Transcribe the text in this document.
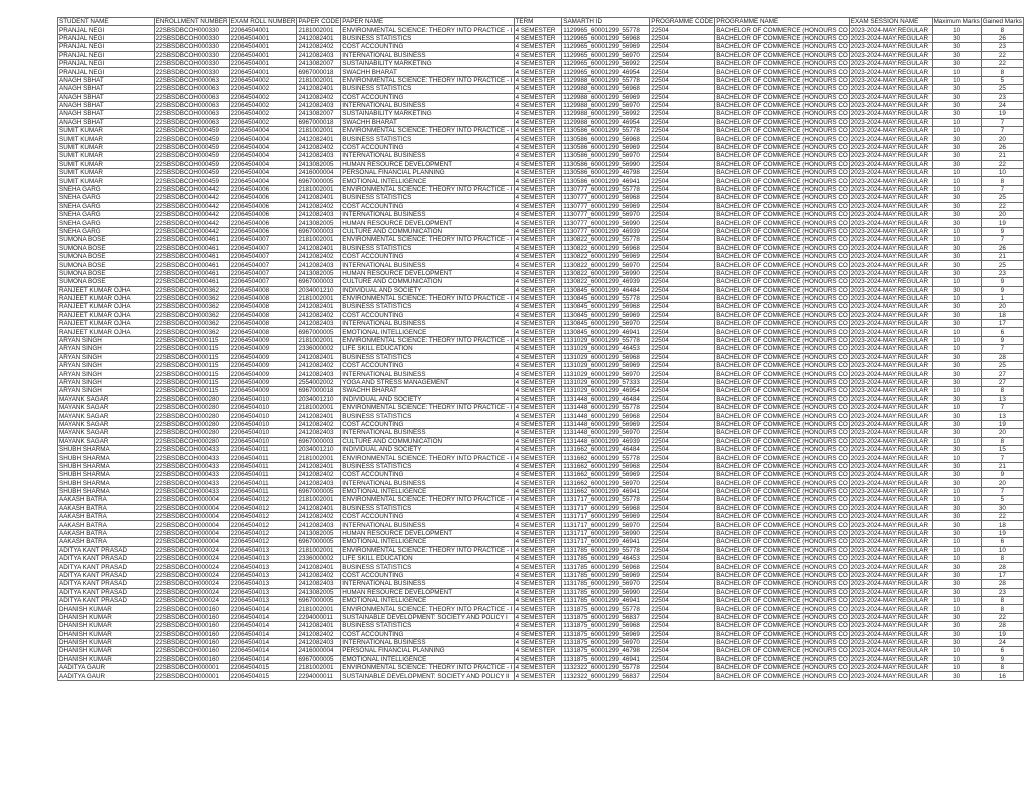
STUDENT NAME	ENROLLMENT NUMBER	EXAM ROLL NUMBER	PAPER CODE	PAPER NAME	TERM	SAMARTH ID	PROGRAMME CODE	PROGRAMME NAME	EXAM SESSION NAME	Maximum Marks	Gained Marks
PRANJAL NEGI	22SBSDBCOH000330	22064504001	2181002001	ENVIRONMENTAL SCIENCE: THEORY INTO PRACTICE - I	4 SEMESTER	1129965_60001299_55778	22504	BACHELOR OF COMMERCE (HONOURS CO	2023-2024-MAY:REGULAR	10	8
PRANJAL NEGI	22SBSDBCOH000330	22064504001	2412082401	BUSINESS STATISTICS	4 SEMESTER	1129965_60001299_56968	22504	BACHELOR OF COMMERCE (HONOURS CO	2023-2024-MAY:REGULAR	30	26
PRANJAL NEGI	22SBSDBCOH000330	22064504001	2412082402	COST ACCOUNTING	4 SEMESTER	1129965_60001299_56969	22504	BACHELOR OF COMMERCE (HONOURS CO	2023-2024-MAY:REGULAR	30	23
PRANJAL NEGI	22SBSDBCOH000330	22064504001	2412082403	INTERNATIONAL BUSINESS	4 SEMESTER	1129965_60001299_56970	22504	BACHELOR OF COMMERCE (HONOURS CO	2023-2024-MAY:REGULAR	30	22
PRANJAL NEGI	22SBSDBCOH000330	22064504001	2413082007	SUSTAINABILITY MARKETING	4 SEMESTER	1129965_60001299_56992	22504	BACHELOR OF COMMERCE (HONOURS CO	2023-2024-MAY:REGULAR	30	22
PRANJAL NEGI	22SBSDBCOH000330	22064504001	6967000018	SWACHH BHARAT	4 SEMESTER	1129965_60001299_46954	22504	BACHELOR OF COMMERCE (HONOURS CO	2023-2024-MAY:REGULAR	10	8
ANAGH SBHAT	22SBSDBCOH000063	22064504002	2181002001	ENVIRONMENTAL SCIENCE: THEORY INTO PRACTICE - I	4 SEMESTER	1129988_60001299_55778	22504	BACHELOR OF COMMERCE (HONOURS CO	2023-2024-MAY:REGULAR	10	5
ANAGH SBHAT	22SBSDBCOH000063	22064504002	2412082401	BUSINESS STATISTICS	4 SEMESTER	1129988_60001299_56968	22504	BACHELOR OF COMMERCE (HONOURS CO	2023-2024-MAY:REGULAR	30	25
ANAGH SBHAT	22SBSDBCOH000063	22064504002	2412082402	COST ACCOUNTING	4 SEMESTER	1129988_60001299_56969	22504	BACHELOR OF COMMERCE (HONOURS CO	2023-2024-MAY:REGULAR	30	23
ANAGH SBHAT	22SBSDBCOH000063	22064504002	2412082403	INTERNATIONAL BUSINESS	4 SEMESTER	1129988_60001299_56970	22504	BACHELOR OF COMMERCE (HONOURS CO	2023-2024-MAY:REGULAR	30	24
ANAGH SBHAT	22SBSDBCOH000063	22064504002	2413082007	SUSTAINABILITY MARKETING	4 SEMESTER	1129988_60001299_56992	22504	BACHELOR OF COMMERCE (HONOURS CO	2023-2024-MAY:REGULAR	30	19
ANAGH SBHAT	22SBSDBCOH000063	22064504002	6967000018	SWACHH BHARAT	4 SEMESTER	1129988_60001299_46954	22504	BACHELOR OF COMMERCE (HONOURS CO	2023-2024-MAY:REGULAR	10	7
SUMIT KUMAR	22SBSDBCOH000459	22064504004	2181002001	ENVIRONMENTAL SCIENCE: THEORY INTO PRACTICE - I	4 SEMESTER	1130586_60001299_55778	22504	BACHELOR OF COMMERCE (HONOURS CO	2023-2024-MAY:REGULAR	10	7
SUMIT KUMAR	22SBSDBCOH000459	22064504004	2412082401	BUSINESS STATISTICS	4 SEMESTER	1130586_60001299_56968	22504	BACHELOR OF COMMERCE (HONOURS CO	2023-2024-MAY:REGULAR	30	20
SUMIT KUMAR	22SBSDBCOH000459	22064504004	2412082402	COST ACCOUNTING	4 SEMESTER	1130586_60001299_56969	22504	BACHELOR OF COMMERCE (HONOURS CO	2023-2024-MAY:REGULAR	30	26
SUMIT KUMAR	22SBSDBCOH000459	22064504004	2412082403	INTERNATIONAL BUSINESS	4 SEMESTER	1130586_60001299_56970	22504	BACHELOR OF COMMERCE (HONOURS CO	2023-2024-MAY:REGULAR	30	21
SUMIT KUMAR	22SBSDBCOH000459	22064504004	2413082005	HUMAN RESOURCE DEVELOPMENT	4 SEMESTER	1130586_60001299_56990	22504	BACHELOR OF COMMERCE (HONOURS CO	2023-2024-MAY:REGULAR	30	22
SUMIT KUMAR	22SBSDBCOH000459	22064504004	2416000004	PERSONAL FINANCIAL PLANNING	4 SEMESTER	1130586_60001299_46798	22504	BACHELOR OF COMMERCE (HONOURS CO	2023-2024-MAY:REGULAR	10	10
SUMIT KUMAR	22SBSDBCOH000459	22064504004	6967000005	EMOTIONAL INTELLIGENCE	4 SEMESTER	1130586_60001299_46941	22504	BACHELOR OF COMMERCE (HONOURS CO	2023-2024-MAY:REGULAR	10	8
SNEHA GARG	22SBSDBCOH000442	22064504006	2181002001	ENVIRONMENTAL SCIENCE: THEORY INTO PRACTICE - I	4 SEMESTER	1130777_60001299_55778	22504	BACHELOR OF COMMERCE (HONOURS CO	2023-2024-MAY:REGULAR	10	7
SNEHA GARG	22SBSDBCOH000442	22064504006	2412082401	BUSINESS STATISTICS	4 SEMESTER	1130777_60001299_56968	22504	BACHELOR OF COMMERCE (HONOURS CO	2023-2024-MAY:REGULAR	30	25
SNEHA GARG	22SBSDBCOH000442	22064504006	2412082402	COST ACCOUNTING	4 SEMESTER	1130777_60001299_56969	22504	BACHELOR OF COMMERCE (HONOURS CO	2023-2024-MAY:REGULAR	30	22
SNEHA GARG	22SBSDBCOH000442	22064504006	2412082403	INTERNATIONAL BUSINESS	4 SEMESTER	1130777_60001299_56970	22504	BACHELOR OF COMMERCE (HONOURS CO	2023-2024-MAY:REGULAR	30	20
SNEHA GARG	22SBSDBCOH000442	22064504006	2413082005	HUMAN RESOURCE DEVELOPMENT	4 SEMESTER	1130777_60001299_56990	22504	BACHELOR OF COMMERCE (HONOURS CO	2023-2024-MAY:REGULAR	30	19
SNEHA GARG	22SBSDBCOH000442	22064504006	6967000003	CULTURE AND COMMUNICATION	4 SEMESTER	1130777_60001299_46939	22504	BACHELOR OF COMMERCE (HONOURS CO	2023-2024-MAY:REGULAR	10	9
SUMONA BOSE	22SBSDBCOH000461	22064504007	2181002001	ENVIRONMENTAL SCIENCE: THEORY INTO PRACTICE - I	4 SEMESTER	1130822_60001299_55778	22504	BACHELOR OF COMMERCE (HONOURS CO	2023-2024-MAY:REGULAR	10	7
SUMONA BOSE	22SBSDBCOH000461	22064504007	2412082401	BUSINESS STATISTICS	4 SEMESTER	1130822_60001299_56968	22504	BACHELOR OF COMMERCE (HONOURS CO	2023-2024-MAY:REGULAR	30	26
SUMONA BOSE	22SBSDBCOH000461	22064504007	2412082402	COST ACCOUNTING	4 SEMESTER	1130822_60001299_56969	22504	BACHELOR OF COMMERCE (HONOURS CO	2023-2024-MAY:REGULAR	30	21
SUMONA BOSE	22SBSDBCOH000461	22064504007	2412082403	INTERNATIONAL BUSINESS	4 SEMESTER	1130822_60001299_56970	22504	BACHELOR OF COMMERCE (HONOURS CO	2023-2024-MAY:REGULAR	30	25
SUMONA BOSE	22SBSDBCOH000461	22064504007	2413082005	HUMAN RESOURCE DEVELOPMENT	4 SEMESTER	1130822_60001299_56990	22504	BACHELOR OF COMMERCE (HONOURS CO	2023-2024-MAY:REGULAR	30	23
SUMONA BOSE	22SBSDBCOH000461	22064504007	6967000003	CULTURE AND COMMUNICATION	4 SEMESTER	1130822_60001299_46939	22504	BACHELOR OF COMMERCE (HONOURS CO	2023-2024-MAY:REGULAR	10	9
RANJEET KUMAR OJHA	22SBSDBCOH000362	22064504008	2034001210	INDIVIDUAL AND SOCIETY	4 SEMESTER	1130845_60001299_46484	22504	BACHELOR OF COMMERCE (HONOURS CO	2023-2024-MAY:REGULAR	30	9
RANJEET KUMAR OJHA	22SBSDBCOH000362	22064504008	2181002001	ENVIRONMENTAL SCIENCE: THEORY INTO PRACTICE - I	4 SEMESTER	1130845_60001299_55778	22504	BACHELOR OF COMMERCE (HONOURS CO	2023-2024-MAY:REGULAR	10	1
RANJEET KUMAR OJHA	22SBSDBCOH000362	22064504008	2412082401	BUSINESS STATISTICS	4 SEMESTER	1130845_60001299_56968	22504	BACHELOR OF COMMERCE (HONOURS CO	2023-2024-MAY:REGULAR	30	20
RANJEET KUMAR OJHA	22SBSDBCOH000362	22064504008	2412082402	COST ACCOUNTING	4 SEMESTER	1130845_60001299_56969	22504	BACHELOR OF COMMERCE (HONOURS CO	2023-2024-MAY:REGULAR	30	18
RANJEET KUMAR OJHA	22SBSDBCOH000362	22064504008	2412082403	INTERNATIONAL BUSINESS	4 SEMESTER	1130845_60001299_56970	22504	BACHELOR OF COMMERCE (HONOURS CO	2023-2024-MAY:REGULAR	30	17
RANJEET KUMAR OJHA	22SBSDBCOH000362	22064504008	6967000005	EMOTIONAL INTELLIGENCE	4 SEMESTER	1130845_60001299_46941	22504	BACHELOR OF COMMERCE (HONOURS CO	2023-2024-MAY:REGULAR	10	6
ARYAN SINGH	22SBSDBCOH000115	22064504009	2181002001	ENVIRONMENTAL SCIENCE: THEORY INTO PRACTICE - I	4 SEMESTER	1131029_60001299_55778	22504	BACHELOR OF COMMERCE (HONOURS CO	2023-2024-MAY:REGULAR	10	9
ARYAN SINGH	22SBSDBCOH000115	22064504009	2336000002	LIFE SKILL EDUCATION	4 SEMESTER	1131029_60001299_46453	22504	BACHELOR OF COMMERCE (HONOURS CO	2023-2024-MAY:REGULAR	10	7
ARYAN SINGH	22SBSDBCOH000115	22064504009	2412082401	BUSINESS STATISTICS	4 SEMESTER	1131029_60001299_56968	22504	BACHELOR OF COMMERCE (HONOURS CO	2023-2024-MAY:REGULAR	30	28
ARYAN SINGH	22SBSDBCOH000115	22064504009	2412082402	COST ACCOUNTING	4 SEMESTER	1131029_60001299_56969	22504	BACHELOR OF COMMERCE (HONOURS CO	2023-2024-MAY:REGULAR	30	25
ARYAN SINGH	22SBSDBCOH000115	22064504009	2412082403	INTERNATIONAL BUSINESS	4 SEMESTER	1131029_60001299_56970	22504	BACHELOR OF COMMERCE (HONOURS CO	2023-2024-MAY:REGULAR	30	27
ARYAN SINGH	22SBSDBCOH000115	22064504009	2554002002	YOGA AND STRESS MANAGEMENT	4 SEMESTER	1131029_60001299_57333	22504	BACHELOR OF COMMERCE (HONOURS CO	2023-2024-MAY:REGULAR	30	27
ARYAN SINGH	22SBSDBCOH000115	22064504009	6967000018	SWACHH BHARAT	4 SEMESTER	1131029_60001299_46954	22504	BACHELOR OF COMMERCE (HONOURS CO	2023-2024-MAY:REGULAR	10	8
MAYANK SAGAR	22SBSDBCOH000280	22064504010	2034001210	INDIVIDUAL AND SOCIETY	4 SEMESTER	1131448_60001299_46484	22504	BACHELOR OF COMMERCE (HONOURS CO	2023-2024-MAY:REGULAR	30	13
MAYANK SAGAR	22SBSDBCOH000280	22064504010	2181002001	ENVIRONMENTAL SCIENCE: THEORY INTO PRACTICE - I	4 SEMESTER	1131448_60001299_55778	22504	BACHELOR OF COMMERCE (HONOURS CO	2023-2024-MAY:REGULAR	10	7
MAYANK SAGAR	22SBSDBCOH000280	22064504010	2412082401	BUSINESS STATISTICS	4 SEMESTER	1131448_60001299_56968	22504	BACHELOR OF COMMERCE (HONOURS CO	2023-2024-MAY:REGULAR	30	13
MAYANK SAGAR	22SBSDBCOH000280	22064504010	2412082402	COST ACCOUNTING	4 SEMESTER	1131448_60001299_56969	22504	BACHELOR OF COMMERCE (HONOURS CO	2023-2024-MAY:REGULAR	30	19
MAYANK SAGAR	22SBSDBCOH000280	22064504010	2412082403	INTERNATIONAL BUSINESS	4 SEMESTER	1131448_60001299_56970	22504	BACHELOR OF COMMERCE (HONOURS CO	2023-2024-MAY:REGULAR	30	20
MAYANK SAGAR	22SBSDBCOH000280	22064504010	6967000003	CULTURE AND COMMUNICATION	4 SEMESTER	1131448_60001299_46939	22504	BACHELOR OF COMMERCE (HONOURS CO	2023-2024-MAY:REGULAR	10	8
SHUBH SHARMA	22SBSDBCOH000433	22064504011	2034001210	INDIVIDUAL AND SOCIETY	4 SEMESTER	1131662_60001299_46484	22504	BACHELOR OF COMMERCE (HONOURS CO	2023-2024-MAY:REGULAR	30	15
SHUBH SHARMA	22SBSDBCOH000433	22064504011	2181002001	ENVIRONMENTAL SCIENCE: THEORY INTO PRACTICE - I	4 SEMESTER	1131662_60001299_55778	22504	BACHELOR OF COMMERCE (HONOURS CO	2023-2024-MAY:REGULAR	10	7
SHUBH SHARMA	22SBSDBCOH000433	22064504011	2412082401	BUSINESS STATISTICS	4 SEMESTER	1131662_60001299_56968	22504	BACHELOR OF COMMERCE (HONOURS CO	2023-2024-MAY:REGULAR	30	21
SHUBH SHARMA	22SBSDBCOH000433	22064504011	2412082402	COST ACCOUNTING	4 SEMESTER	1131662_60001299_56969	22504	BACHELOR OF COMMERCE (HONOURS CO	2023-2024-MAY:REGULAR	30	9
SHUBH SHARMA	22SBSDBCOH000433	22064504011	2412082403	INTERNATIONAL BUSINESS	4 SEMESTER	1131662_60001299_56970	22504	BACHELOR OF COMMERCE (HONOURS CO	2023-2024-MAY:REGULAR	30	20
SHUBH SHARMA	22SBSDBCOH000433	22064504011	6967000005	EMOTIONAL INTELLIGENCE	4 SEMESTER	1131662_60001299_46941	22504	BACHELOR OF COMMERCE (HONOURS CO	2023-2024-MAY:REGULAR	10	7
AAKASH BATRA	22SBSDBCOH000004	22064504012	2181002001	ENVIRONMENTAL SCIENCE: THEORY INTO PRACTICE - I	4 SEMESTER	1131717_60001299_55778	22504	BACHELOR OF COMMERCE (HONOURS CO	2023-2024-MAY:REGULAR	10	5
AAKASH BATRA	22SBSDBCOH000004	22064504012	2412082401	BUSINESS STATISTICS	4 SEMESTER	1131717_60001299_56968	22504	BACHELOR OF COMMERCE (HONOURS CO	2023-2024-MAY:REGULAR	30	30
AAKASH BATRA	22SBSDBCOH000004	22064504012	2412082402	COST ACCOUNTING	4 SEMESTER	1131717_60001299_56969	22504	BACHELOR OF COMMERCE (HONOURS CO	2023-2024-MAY:REGULAR	30	22
AAKASH BATRA	22SBSDBCOH000004	22064504012	2412082403	INTERNATIONAL BUSINESS	4 SEMESTER	1131717_60001299_56970	22504	BACHELOR OF COMMERCE (HONOURS CO	2023-2024-MAY:REGULAR	30	18
AAKASH BATRA	22SBSDBCOH000004	22064504012	2413082005	HUMAN RESOURCE DEVELOPMENT	4 SEMESTER	1131717_60001299_56990	22504	BACHELOR OF COMMERCE (HONOURS CO	2023-2024-MAY:REGULAR	30	19
AAKASH BATRA	22SBSDBCOH000004	22064504012	6967000005	EMOTIONAL INTELLIGENCE	4 SEMESTER	1131717_60001299_46941	22504	BACHELOR OF COMMERCE (HONOURS CO	2023-2024-MAY:REGULAR	10	6
ADITYA KANT PRASAD	22SBSDBCOH000024	22064504013	2181002001	ENVIRONMENTAL SCIENCE: THEORY INTO PRACTICE - I	4 SEMESTER	1131785_60001299_55778	22504	BACHELOR OF COMMERCE (HONOURS CO	2023-2024-MAY:REGULAR	10	10
ADITYA KANT PRASAD	22SBSDBCOH000024	22064504013	2336000002	LIFE SKILL EDUCATION	4 SEMESTER	1131785_60001299_46453	22504	BACHELOR OF COMMERCE (HONOURS CO	2023-2024-MAY:REGULAR	10	8
ADITYA KANT PRASAD	22SBSDBCOH000024	22064504013	2412082401	BUSINESS STATISTICS	4 SEMESTER	1131785_60001299_56968	22504	BACHELOR OF COMMERCE (HONOURS CO	2023-2024-MAY:REGULAR	30	28
ADITYA KANT PRASAD	22SBSDBCOH000024	22064504013	2412082402	COST ACCOUNTING	4 SEMESTER	1131785_60001299_56969	22504	BACHELOR OF COMMERCE (HONOURS CO	2023-2024-MAY:REGULAR	30	17
ADITYA KANT PRASAD	22SBSDBCOH000024	22064504013	2412082403	INTERNATIONAL BUSINESS	4 SEMESTER	1131785_60001299_56970	22504	BACHELOR OF COMMERCE (HONOURS CO	2023-2024-MAY:REGULAR	30	28
ADITYA KANT PRASAD	22SBSDBCOH000024	22064504013	2413082005	HUMAN RESOURCE DEVELOPMENT	4 SEMESTER	1131785_60001299_56990	22504	BACHELOR OF COMMERCE (HONOURS CO	2023-2024-MAY:REGULAR	30	23
ADITYA KANT PRASAD	22SBSDBCOH000024	22064504013	6967000005	EMOTIONAL INTELLIGENCE	4 SEMESTER	1131785_60001299_46941	22504	BACHELOR OF COMMERCE (HONOURS CO	2023-2024-MAY:REGULAR	10	8
DHANISH KUMAR	22SBSDBCOH000160	22064504014	2181002001	ENVIRONMENTAL SCIENCE: THEORY INTO PRACTICE - I	4 SEMESTER	1131875_60001299_55778	22504	BACHELOR OF COMMERCE (HONOURS CO	2023-2024-MAY:REGULAR	10	8
DHANISH KUMAR	22SBSDBCOH000160	22064504014	2294000011	SUSTAINABLE DEVELOPMENT: SOCIETY AND POLICY I	4 SEMESTER	1131875_60001299_56837	22504	BACHELOR OF COMMERCE (HONOURS CO	2023-2024-MAY:REGULAR	30	22
DHANISH KUMAR	22SBSDBCOH000160	22064504014	2412082401	BUSINESS STATISTICS	4 SEMESTER	1131875_60001299_56968	22504	BACHELOR OF COMMERCE (HONOURS CO	2023-2024-MAY:REGULAR	30	28
DHANISH KUMAR	22SBSDBCOH000160	22064504014	2412082402	COST ACCOUNTING	4 SEMESTER	1131875_60001299_56969	22504	BACHELOR OF COMMERCE (HONOURS CO	2023-2024-MAY:REGULAR	30	19
DHANISH KUMAR	22SBSDBCOH000160	22064504014	2412082403	INTERNATIONAL BUSINESS	4 SEMESTER	1131875_60001299_56970	22504	BACHELOR OF COMMERCE (HONOURS CO	2023-2024-MAY:REGULAR	30	24
DHANISH KUMAR	22SBSDBCOH000160	22064504014	2416000004	PERSONAL FINANCIAL PLANNING	4 SEMESTER	1131875_60001299_46798	22504	BACHELOR OF COMMERCE (HONOURS CO	2023-2024-MAY:REGULAR	10	6
DHANISH KUMAR	22SBSDBCOH000160	22064504014	6967000005	EMOTIONAL INTELLIGENCE	4 SEMESTER	1131875_60001299_46941	22504	BACHELOR OF COMMERCE (HONOURS CO	2023-2024-MAY:REGULAR	10	9
AADITYA GAUR	22SBSDBCOH000001	22064504015	2181002001	ENVIRONMENTAL SCIENCE: THEORY INTO PRACTICE - I	4 SEMESTER	1132322_60001299_55778	22504	BACHELOR OF COMMERCE (HONOURS CO	2023-2024-MAY:REGULAR	10	8
AADITYA GAUR	22SBSDBCOH000001	22064504015	2294000011	SUSTAINABLE DEVELOPMENT: SOCIETY AND POLICY II	4 SEMESTER	1132322_60001299_56837	22504	BACHELOR OF COMMERCE (HONOURS CO	2023-2024-MAY:REGULAR	30	16
